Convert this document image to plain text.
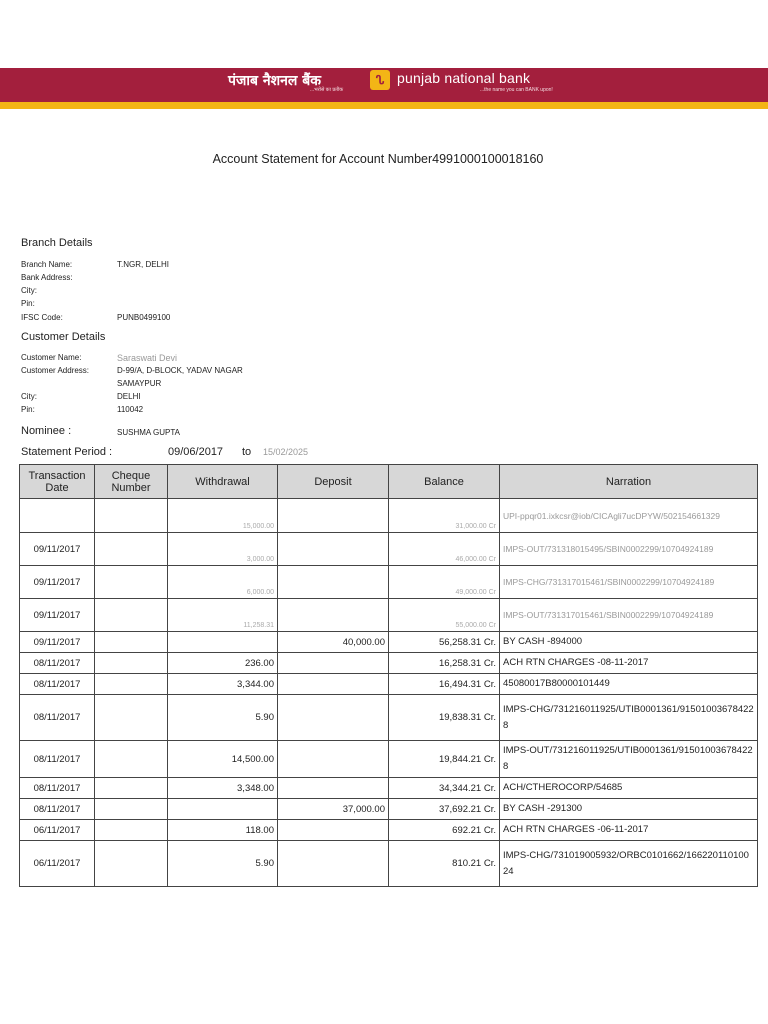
पंजाब नैशनल बैंक
...भरोसे का प्रतीक
ᔐ punjab national bank
...the name you can BANK upon!
Account Statement for Account Number4991000100018160
Branch Details
Branch Name:	T.NGR, DELHI
Bank Address:
City:
Pin:
IFSC Code:	PUNB0499100
Customer Details
Customer Name:	Saraswati Devi
Customer Address:	D-99/A, D-BLOCK, YADAV NAGAR
SAMAYPUR
City:	DELHI
Pin:	110042
Nominee :	SUSHMA GUPTA
Statement Period :	09/06/2017 to 15/02/2025
Transaction Date	Cheque Number	Withdrawal	Deposit	Balance	Narration
		15,000.00		31,000.00 Cr	UPI-ppqr01.ixkcsr@iob/CICAgli7ucDPYW/502154661329
09/11/2017		3,000.00		46,000.00 Cr	IMPS-OUT/731318015495/SBIN0002299/10704924189
09/11/2017		6,000.00		49,000.00 Cr	IMPS-CHG/731317015461/SBIN0002299/10704924189
09/11/2017		11,258.31		55,000.00 Cr	IMPS-OUT/731317015461/SBIN0002299/10704924189
09/11/2017			40,000.00	56,258.31 Cr.	BY CASH -894000
08/11/2017		236.00		16,258.31 Cr.	ACH RTN CHARGES -08-11-2017
08/11/2017		3,344.00		16,494.31 Cr.	45080017B80000101449
08/11/2017		5.90		19,838.31 Cr.	IMPS-CHG/731216011925/UTIB0001361/915010036784228
08/11/2017		14,500.00		19,844.21 Cr.	IMPS-OUT/731216011925/UTIB0001361/915010036784228
08/11/2017		3,348.00		34,344.21 Cr.	ACH/CTHEROCORP/54685
08/11/2017			37,000.00	37,692.21 Cr.	BY CASH -291300
06/11/2017		118.00		692.21 Cr.	ACH RTN CHARGES -06-11-2017
06/11/2017		5.90		810.21 Cr.	IMPS-CHG/731019005932/ORBC0101662/16622011010024
